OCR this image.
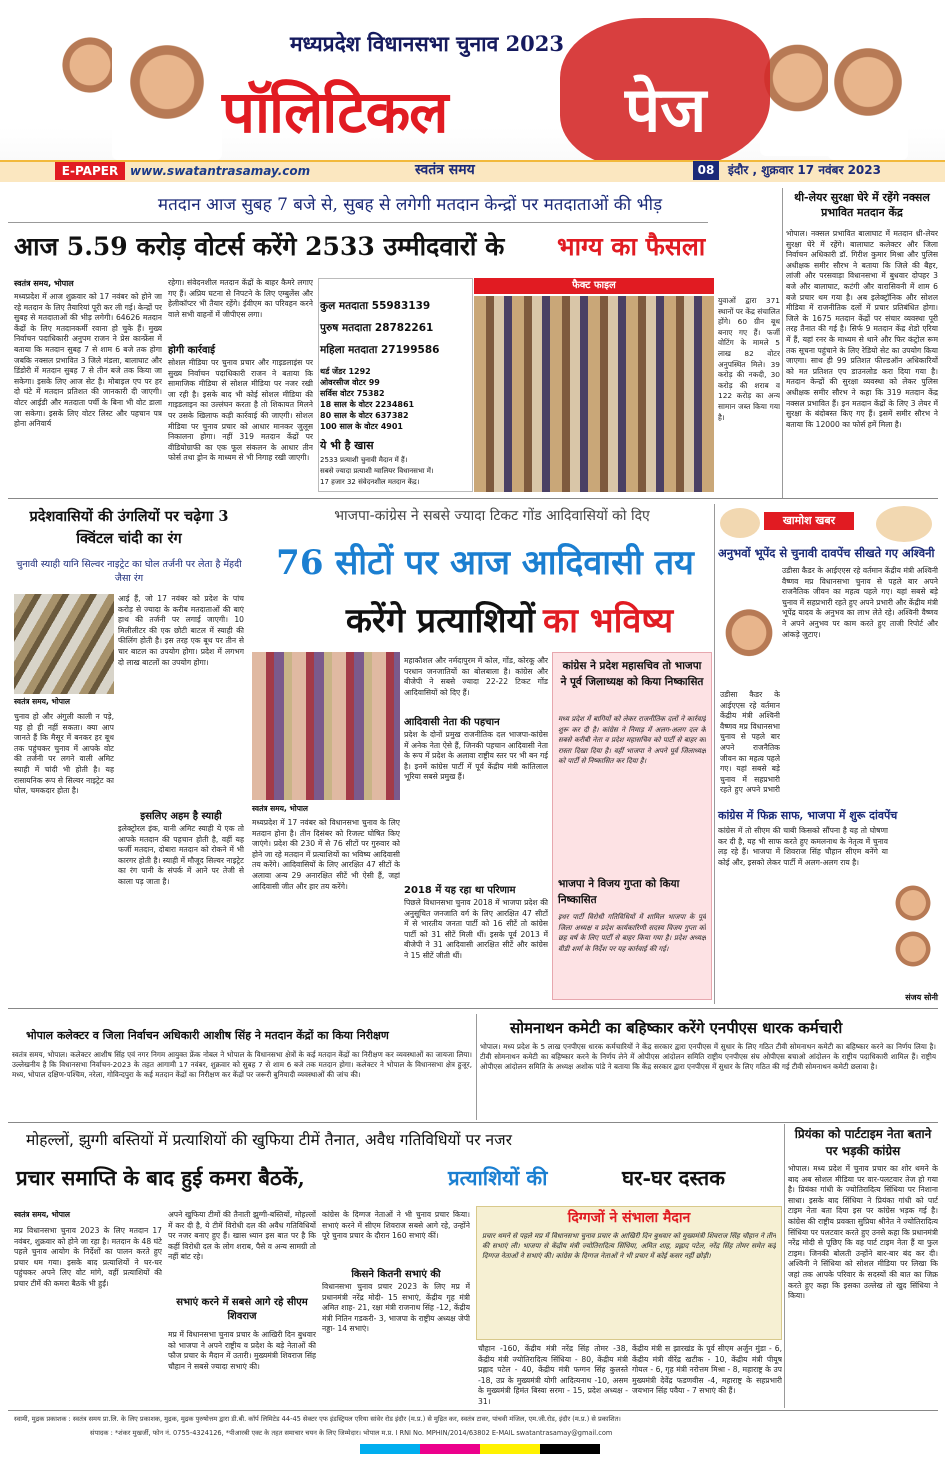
मध्यप्रदेश विधानसभा चुनाव 2023
पॉलिटिकल	पेज
E-PAPER www.swatantrasamay.com	स्वतंत्र समय	08	इंदौर , शुक्रवार 17 नवंबर 2023
मतदान आज सुबह 7 बजे से, सुबह से लगेगी मतदान केन्द्रों पर मतदाताओं की भीड़
आज 5.59 करोड़ वोटर्स करेंगे 2533 उम्मीदवारों के	भाग्य का फैसला
स्वतंत्र समय, भोपाल
मध्यप्रदेश में आज शुक्रवार को 17 नवंबर को होने जा रहे मतदान के लिए तैयारियां पूरी कर ली गई। केन्द्रों पर सुबह से मतदाताओं की भीड़ लगेगी। 64626 मतदान केंद्रों के लिए मतदानकर्मी रवाना हो चुके हैं। मुख्य निर्वाचन पदाधिकारी अनुपम राजन ने प्रेस कान्फ्रेंस में बताया कि मतदान सुबह 7 से शाम 6 बजे तक होगा जबकि नक्सल प्रभावित 3 जिले मंडला, बालाघाट और डिंडोरी में मतदान सुबह 7 से तीन बजे तक किया जा सकेगा। इसके लिए आज सेट है। मोबाइल एप पर हर दो घंटे में मतदान प्रतिशत की जानकारी दी जाएगी। वोटर आईडी और मतदाता पर्ची के बिना भी वोट डाला जा सकेगा। इसके लिए वोटर लिस्ट और पहचान पत्र होना अनिवार्य
रहेगा। संवेदनशील मतदान केंद्रों के बाहर कैमरे लगाए गए हैं। अप्रिय घटना से निपटने के लिए एम्बुलेंस और हेलीकॉप्टर भी तैयार रहेंगे। ईवीएम का परिवहन करने वाले सभी वाहनों में जीपीएस लगा।
होगी कार्रवाई
सोशल मीडिया पर चुनाव प्रचार और गाइडलाइंस पर सुख्य निर्वाचन पदाधिकारी राजन ने बताया कि सामाजिक मीडिया से सोशल मीडिया पर नजर रखी जा रही है। इसके बाद भी कोई सोशल मीडिया की गाइडलाइन का उल्लंघन करता है तो शिकायत मिलने पर उसके खिलाफ कड़ी कार्रवाई की जाएगी। सोशल मीडिया पर चुनाव प्रचार को आधार मानकर जुलूस निकालना होगा। नहीं 319 मतदान केंद्रों पर वीडियोग्राफी का एक फूल संकलन के आधार तीन फोर्स तथा ड्रोन के माध्यम से भी निगाह रखी जाएगी।
फैक्ट फाइल
कुल मतदाता 55983139
पुरुष मतदाता 28782261
महिला मतदाता 27199586
थर्ड जेंडर 1292
ओवरसीज वोटर 99
सर्विस वोटर 75382
18 साल के वोटर 2234861
80 साल के वोटर 637382
100 साल के वोटर 4901
ये भी है खास
2533 प्रत्याशी चुनावी मैदान में हैं।
सबसे ज्यादा प्रत्याशी ग्वालियर विधानसभा में।
17 हजार 32 संवेदनशील मतदान केंद्र।
युवाओं द्वारा 371 स्थानों पर केंद्र संचालित होंगे। 60 ग्रीन बूथ बनाए गए हैं। फर्जी वोटिंग के मामले 5 लाख 82 वोटर अनुपस्थित मिले। 39 करोड़ की नकदी, 30 करोड़ की शराब व 122 करोड़ का अन्य सामान जब्त किया गया है।
थी-लेयर सुरक्षा घेरे में रहेंगे नक्सल प्रभावित मतदान केंद्र
भोपाल। नक्सल प्रभावित बालाघाट में मतदान थ्री-लेयर सुरक्षा घेरे में रहेंगे। बालाघाट कलेक्टर और जिला निर्वाचन अधिकारी डॉ. गिरीश कुमार मिश्रा और पुलिस अधीक्षक समीर सौरभ ने बताया कि जिले की बैहर, लांजी और परसवाड़ा विधानसभा में बुधवार दोपहर 3 बजे और बालाघाट, कटंगी और वारासिवनी में शाम 6 बजे प्रचार थम गया है। अब इलेक्ट्रॉनिक और सोशल मीडिया में राजनीतिक दलों में प्रचार प्रतिबंधित होगा। जिले के 1675 मतदान केंद्रों पर संचार व्यवस्था पूरी तरह तैनात की गई है। सिर्फ 9 मतदान केंद्र शेडो एरिया में हैं, यहां रनर के माध्यम से थाने और फिर कंट्रोल रूम तक सूचना पहुंचाने के लिए रेडियो सेट का उपयोग किया जाएगा। साथ ही 99 प्रतिशत फील्डऑन अधिकारियों को मत प्रतिशत एप डाउनलोड करा दिया गया है। मतदान केन्द्रों की सुरक्षा व्यवस्था को लेकर पुलिस अधीक्षक समीर सौरभ ने कहा कि 319 मतदान केंद्र नक्सल प्रभावित हैं। इन मतदान केंद्रों के लिए 3 लेयर में सुरक्षा के बंदोबस्त किए गए हैं। इसमें समीर सौरभ ने बताया कि 12000 का फोर्स हमें मिला है।
प्रदेशवासियों की उंगलियों पर चढ़ेगा 3 क्विंटल चांदी का रंग
चुनावी स्याही यानि सिल्वर नाइट्रेट का घोल तर्जनी पर लेता है मेंहदी जैसा रंग
स्वतंत्र समय, भोपाल
चुनाव हो और अंगुली काली न पड़े, यह हो ही नहीं सकता। क्या आप जानते हैं कि मैसूर में बनकर हर बूथ तक पहुंचकर चुनाव में आपके वोट की तर्जनी पर लगने वाली अमिट स्याही में चांदी भी होती है। यह रासायनिक रूप से सिल्वर नाइट्रेट का घोल, चमकदार होता है।
आई हैं, जो 17 नवंबर को प्रदेश के पांच करोड़ से ज्यादा के करीब मतदाताओं की बाएं हाथ की तर्जनी पर लगाई जाएगी। 10 मिलीलीटर की एक छोटी बाटल में स्याही की फीलिंग होती है। इस तरह एक बूथ पर तीन से चार बाटल का उपयोग होगा। प्रदेश में लगभग दो लाख बाटलों का उपयोग होगा।
इसलिए अहम है स्याही
इलेक्ट्रोरल इंक, यानी अमिट स्याही ये एक तो आपके मतदान की पहचान होती है, वहीं यह फर्जी मतदान, दोबारा मतदान को रोकने में भी कारगर होती है। स्याही में मौजूद सिल्वर नाइट्रेट का रंग पानी के संपर्क में आने पर तेजी से काला पड़ जाता है।
भाजपा-कांग्रेस ने सबसे ज्यादा टिकट गोंड आदिवासियों को दिए
76 सीटों पर आज आदिवासी तय
करेंगे प्रत्याशियों का भविष्य
स्वतंत्र समय, भोपाल
मध्यप्रदेश में 17 नवंबर को विधानसभा चुनाव के लिए मतदान होना है। तीन दिसंबर को रिजल्ट घोषित किए जाएंगे। प्रदेश की 230 में से 76 सीटों पर गुरुवार को होने जा रहे मतदान में प्रत्याशियों का भविष्य आदिवासी तय करेंगे। आदिवासियों के लिए आरक्षित 47 सीटों के अलावा अन्य 29 अनारक्षित सीटें भी ऐसी हैं, जहां आदिवासी जीत और हार तय करेंगे।
महाकौशल और नर्मदापुरम में कोल, गोंड, कोरकू और परधान जनजातियों का बोलबाला है। कांग्रेस और बीजेपी ने सबसे ज्यादा 22-22 टिकट गोंड आदिवासियों को दिए हैं।
आदिवासी नेता की पहचान
प्रदेश के दोनों प्रमुख राजनीतिक दल भाजपा-कांग्रेस में अनेक नेता ऐसे हैं, जिनकी पहचान आदिवासी नेता के रूप में प्रदेश के अलावा राष्ट्रीय स्तर पर भी बन गई है। इनमें कांग्रेस पार्टी में पूर्व केंद्रीय मंत्री कांतिलाल भूरिया सबसे प्रमुख हैं।
2018 में यह रहा था परिणाम
पिछले विधानसभा चुनाव 2018 में भाजपा प्रदेश की अनुसूचित जनजाति वर्ग के लिए आरक्षित 47 सीटों में से भारतीय जनता पार्टी को 16 सीटें तो कांग्रेस पार्टी को 31 सीटें मिली थीं। इसके पूर्व 2013 में बीजेपी ने 31 आदिवासी आरक्षित सीटें और कांग्रेस ने 15 सीटें जीती थीं।
कांग्रेस ने प्रदेश महासचिव तो भाजपा ने पूर्व जिलाध्यक्ष को किया निष्कासित
मध्य प्रदेश में बागियों को लेकर राजनीतिक दलों ने कार्रवाई शुरू कर दी है। कांग्रेस ने निमाड़ में अलग-अलग दल के सबसे करीबी नेता व प्रदेश महासचिव को पार्टी से बाहर का रास्ता दिखा दिया है। वहीं भाजपा ने अपने पूर्व जिलाध्यक्ष को पार्टी से निष्कासित कर दिया है।
भाजपा ने विजय गुप्ता को किया निष्कासित
इधर पार्टी विरोधी गतिविधियों में शामिल भाजपा के पूर्व जिला अध्यक्ष व प्रदेश कार्यकारिणी सदस्य विजय गुप्ता को छह वर्ष के लिए पार्टी से बाहर किया गया है। प्रदेश अध्यक्ष वीडी शर्मा के निर्देश पर यह कार्रवाई की गई।
खामोश खबर
अनुभवों भूपेंद से चुनावी दावपेंच सीखते गए अश्विनी
उडीसा कैडर के आईएएस रहे वर्तमान केंद्रीय मंत्री अश्विनी वैष्णव मप्र विधानसभा चुनाव से पहले बार अपने राजनैतिक जीवन का महत्व पहले गए। यहां सबसे बड़े चुनाव में सहप्रभारी रहते हुए अपने प्रभारी और केंद्रीय मंत्री भूपेंद्र यादव के अनुभव का लाभ लेते रहे। अश्विनी वैष्णव ने अपने अनुभव पर काम करते हुए ताजी रिपोर्ट और आंकड़े जुटाए।
उडीसा कैडर के आईएएस रहे वर्तमान केंद्रीय मंत्री अश्विनी वैष्णव मप्र विधानसभा चुनाव से पहले बार अपने राजनैतिक जीवन का महत्व पहले गए। यहां सबसे बड़े चुनाव में सहप्रभारी रहते हुए अपने प्रभारी
कांग्रेस में फिक्र साफ, भाजपा में शुरू दांवपेंच
कांग्रेस में तो सीएम की चाबी किसको सौंपना है यह तो घोषणा कर दी है, यह भी साफ करते हुए कमलनाथ के नेतृत्व में चुनाव लड़ रहे हैं। भाजपा में शिवराज सिंह चौहान सीएम बनेंगे या कोई और, इसको लेकर पार्टी में अलग-अलग राय है।
संजय सोनी
भोपाल कलेक्टर व जिला निर्वाचन अधिकारी आशीष सिंह ने मतदान केंद्रों का किया निरीक्षण
स्वतंत्र समय, भोपाल। कलेक्टर आशीष सिंह एवं नगर निगम आयुक्त फ्रेंक नोबल ने भोपाल के विधानसभा क्षेत्रों के कई मतदान केंद्रों का निरीक्षण कर व्यवस्थाओं का जायजा लिया। उल्लेखनीय है कि विधानसभा निर्वाचन-2023 के तहत आगामी 17 नवंबर, शुक्रवार को सुबह 7 से शाम 6 बजे तक मतदान होगा। कलेक्टर ने भोपाल के विधानसभा क्षेत्र हुजूर, मध्य, भोपाल दक्षिण-पश्चिम, नरेला, गोविन्दपुरा के कई मतदान केंद्रों का निरीक्षण कर केंद्रों पर जरूरी बुनियादी व्यवस्थाओं की जांच की।
सोमनाथन कमेटी का बहिष्कार करेंगे एनपीएस धारक कर्मचारी
भोपाल। मध्य प्रदेश के 5 लाख एनपीएस धारक कर्मचारियों ने केंद्र सरकार द्वारा एनपीएस में सुधार के लिए गठित टीवी सोमनाथन कमेटी का बहिष्कार करने का निर्णय लिया है। टीवी सोमनाथन कमेटी का बहिष्कार करने के निर्णय लेने में ओपीएस आंदोलन समिति राष्ट्रीय एनपीएस संघ ओपीएस बचाओ आंदोलन के राष्ट्रीय पदाधिकारी शामिल हैं। राष्ट्रीय ओपीएस आंदोलन समिति के अध्यक्ष अशोक पांडे ने बताया कि केंद्र सरकार द्वारा एनपीएस में सुधार के लिए गठित की गई टीवी सोमनाथन कमेटी छलावा है।
मोहल्लों, झुग्गी बस्तियों में प्रत्याशियों की खुफिया टीमें तैनात, अवैध गतिविधियों पर नजर
प्रचार समाप्ति के बाद हुई कमरा बैठकें,	प्रत्याशियों की	घर-घर दस्तक
स्वतंत्र समय, भोपाल
मप्र विधानसभा चुनाव 2023 के लिए मतदान 17 नवंबर, शुक्रवार को होने जा रहा है। मतदान के 48 घंटे पहले चुनाव आयोग के निर्देशों का पालन करते हुए प्रचार थम गया। इसके बाद प्रत्याशियों ने घर-घर पहुंचकर अपने लिए वोट मांगे, वहीं प्रत्याशियों की प्रचार टीमें की कमरा बैठकें भी हुईं।
अपने खुफिया टीमों की तैनाती झुग्गी-बस्तियों, मोहल्लों में कर दी है, ये टीमें विरोधी दल की अवैध गतिविधियों पर नजर बनाए हुए हैं। खास ध्यान इस बात पर है कि कहीं विरोधी दल के लोग शराब, पैसे व अन्य सामग्री तो नहीं बांट रहे।
सभाएं करने में सबसे आगे रहे सीएम शिवराज
मप्र में विधानसभा चुनाव प्रचार के आखिरी दिन बुधवार को भाजपा ने अपने राष्ट्रीय व प्रदेश के बड़े नेताओं की फौज प्रचार के मैदान में उतारी। मुख्यमंत्री शिवराज सिंह चौहान ने सबसे ज्यादा सभाएं की।
कांग्रेस के दिग्गज नेताओं ने भी चुनाव प्रचार किया। सभाएं करने में सीएम शिवराज सबसे आगे रहे, उन्होंने पूरे चुनाव प्रचार के दौरान 160 सभाएं कीं।
किसने कितनी सभाएं की
विधानसभा चुनाव प्रचार 2023 के लिए मप्र में प्रधानमंत्री नरेंद्र मोदी- 15 सभाएं, केंद्रीय गृह मंत्री अमित शाह- 21, रक्षा मंत्री राजनाथ सिंह -12, केंद्रीय मंत्री नितिन गडकरी- 3, भाजपा के राष्ट्रीय अध्यक्ष जेपी नड्डा- 14 सभाएं।
दिग्गजों ने संभाला मैदान
प्रचार थमने से पहले मप्र में विधानसभा चुनाव प्रचार के आखिरी दिन बुधवार को मुख्यमंत्री शिवराज सिंह चौहान ने तीन की सभाएं ली। भाजपा से केंद्रीय मंत्री ज्योतिरादित्य सिंधिया, अमित शाह, प्रह्लाद पटेल, नरेंद्र सिंह तोमर समेत कई दिग्गज नेताओं ने सभाएं की। कांग्रेस के दिग्गज नेताओं ने भी प्रचार में कोई कसर नहीं छोड़ी।
चौहान -160, केंद्रीय मंत्री नरेंद्र सिंह तोमर -38, केंद्रीय मंत्री ज्योतिरादित्य सिंधिया - 80, केंद्रीय मंत्री प्रह्लाद पटेल - 40, केंद्रीय मंत्री फग्गन सिंह कुलस्ते -18, उप्र के मुख्यमंत्री योगी आदित्यनाथ -10, असम के मुख्यमंत्री हिमंत बिस्वा सरमा - 15, प्रदेश अध्यक्ष - 31।
केंद्रीय मंत्री स झारखंड के पूर्व सीएम अर्जुन मुंडा - 6, केंद्रीय मंत्री वीरेंद्र खटीक - 10, केंद्रीय मंत्री पीयूष गोयल - 6, गृह मंत्री नरोत्तम मिश्रा - 8, महाराष्ट्र के उप मुख्यमंत्री देवेंद्र फडणवीस -4, महाराष्ट्र के सहप्रभारी जयभान सिंह पवैया - 7 सभाएं की हैं।
प्रियंका को पार्टटाइम नेता बताने पर भड़की कांग्रेस
भोपाल। मध्य प्रदेश में चुनाव प्रचार का शोर थमने के बाद अब सोशल मीडिया पर वार-पलटवार तेज हो गया है। प्रियंका गांधी के ज्योतिरादित्य सिंधिया पर निशाना साधा। इसके बाद सिंधिया ने प्रियंका गांधी को पार्ट टाइम नेता बता दिया इस पर कांग्रेस भड़क गई है। कांग्रेस की राष्ट्रीय प्रवक्ता सुप्रिया श्रीनेत ने ज्योतिरादित्य सिंधिया पर पलटवार करते हुए उनसे कहा कि प्रधानमंत्री नरेंद्र मोदी से पूछिए कि वह पार्ट टाइम नेता हैं या फुल टाइम। जिनकी बोलती उन्होंने बार-बार बंद कर दी। अश्विनी ने सिंधिया को सोशल मीडिया पर लिखा कि जहां तक आपके परिवार के सदस्यों की बात का जिक्र करते हुए कहा कि इसका उल्लेख तो खुद सिंधिया ने किया।
स्वामी, मुद्रक प्रकाशक : स्वतंत्र समय प्रा.लि. के लिए प्रकाशक, मुद्रक, मुद्रक पुरुषोत्तम द्वारा डी.बी. कॉर्प लिमिटेड 44-45 सेक्टर एफ इंडस्ट्रियल एरिया सांवेर रोड इंदौर (म.प्र.) से मुद्रित कर, स्वतंत्र टावर, पांचवी मंजिल, एम.जी.रोड, इंदौर (म.प्र.) से प्रकाशित।
संपादक : *शंकर मुखर्जी, फोन नं. 0755-4324126, *पीआरबी एक्ट के तहत समाचार चयन के लिए जिम्मेदार। भोपाल म.प्र. I RNI No. MPHIN/2014/63802 E-MAIL swatantrasamay@gmail.com
